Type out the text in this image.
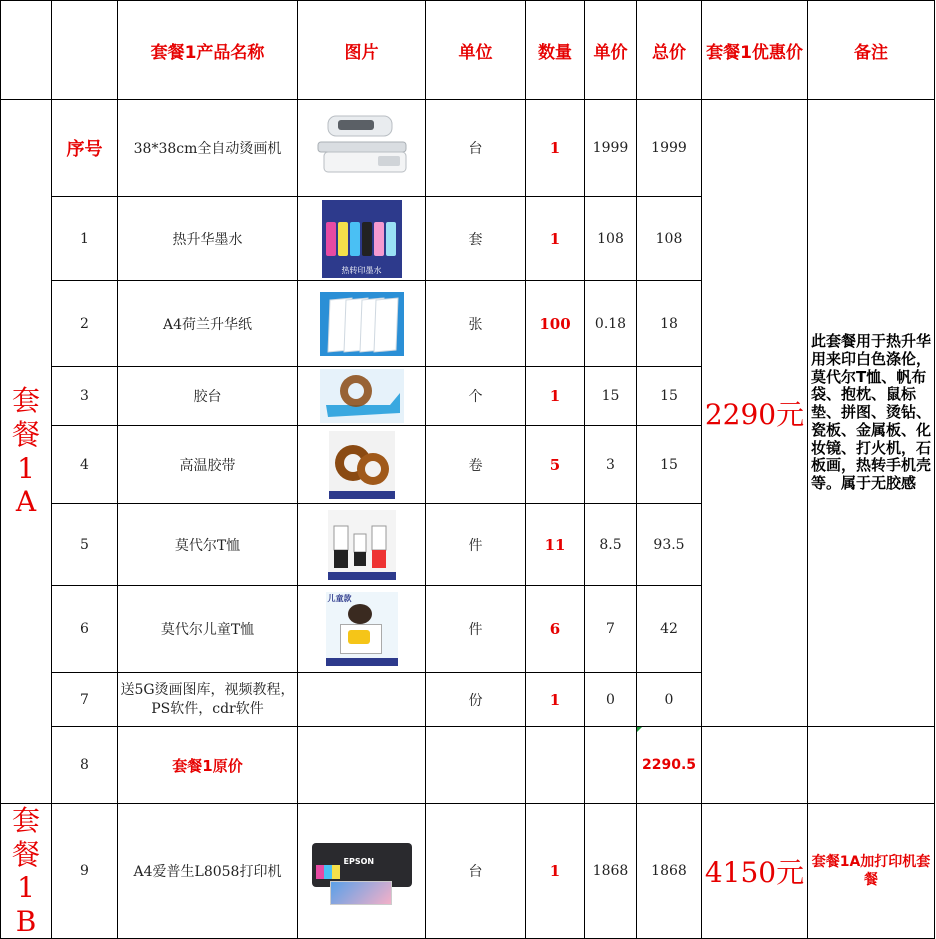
		套餐1产品名称	图片	单位	数量	单价	总价	套餐1优惠价	备注
套餐1A	序号	38*38cm全自动烫画机		台	1	1999	1999	2290元	此套餐用于热升华用来印白色涤伦，莫代尔T恤、帆布袋、抱枕、鼠标垫、拼图、烫钻、瓷板、金属板、化妆镜、打火机，石板画，热转手机壳等。属于无胶感
	1	热升华墨水	热转印墨水	套	1	108	108		
	2	A4荷兰升华纸		张	100	0.18	18		
	3	胶台		个	1	15	15		
	4	高温胶带		卷	5	3	15		
	5	莫代尔T恤		件	11	8.5	93.5		
	6	莫代尔儿童T恤	儿童款	件	6	7	42		
	7	送5G烫画图库，视频教程，PS软件，cdr软件		份	1	0	0		
	8	套餐1原价					2290.5		
套餐1B	9	A4爱普生L8058打印机	EPSON	台	1	1868	1868	4150元	套餐1A加打印机套餐
